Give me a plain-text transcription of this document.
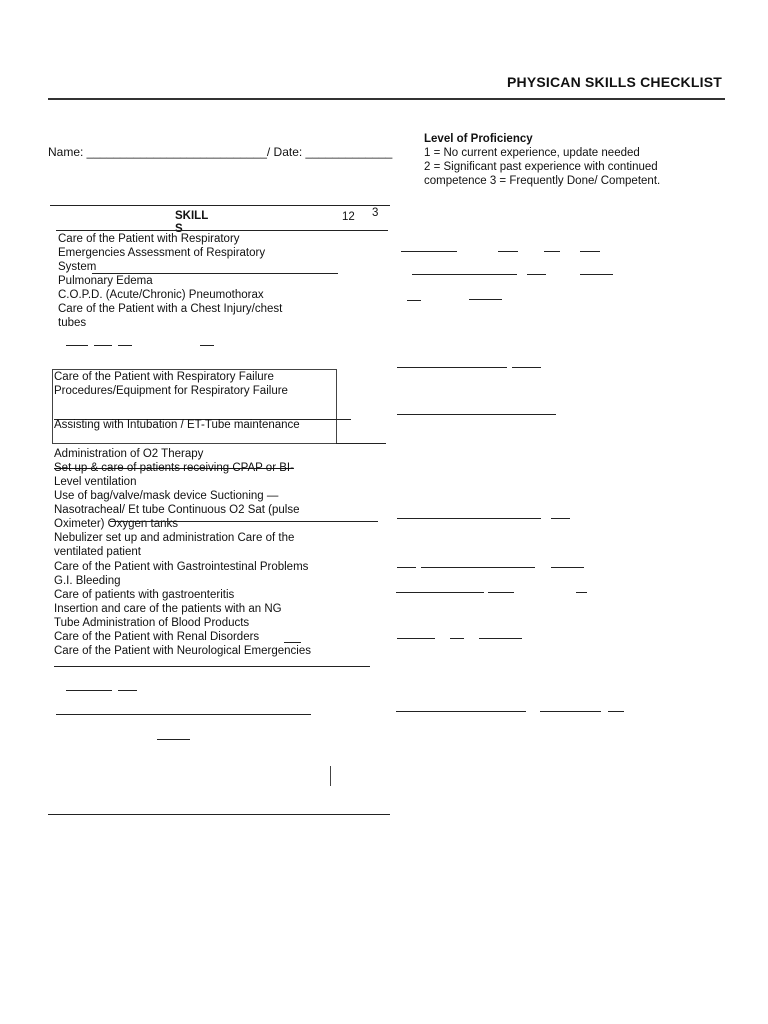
PHYSICAN SKILLS CHECKLIST
Name: ___________________________/ Date: _____________
Level of Proficiency
1 = No current experience, update needed
2 = Significant past experience with continued
competence 3 = Frequently Done/ Competent.
SKILL
S
12 3
Care of the Patient with Respiratory
Emergencies Assessment of Respiratory
System
Pulmonary Edema
C.O.P.D. (Acute/Chronic) Pneumothorax
Care of the Patient with a Chest Injury/chest
tubes
Care of the Patient with Respiratory Failure
Procedures/Equipment for Respiratory Failure
Assisting with Intubation / ET-Tube maintenance
Administration of O2 Therapy
Set up & care of patients receiving CPAP or BI-
Level ventilation
Use of bag/valve/mask device Suctioning —
Nasotracheal/ Et tube Continuous O2 Sat (pulse
Oximeter) Oxygen tanks
Nebulizer set up and administration Care of the
ventilated patient
Care of the Patient with Gastrointestinal Problems
G.I. Bleeding
Care of patients with gastroenteritis
Insertion and care of the patients with an NG
Tube Administration of Blood Products
Care of the Patient with Renal Disorders
Care of the Patient with Neurological Emergencies
